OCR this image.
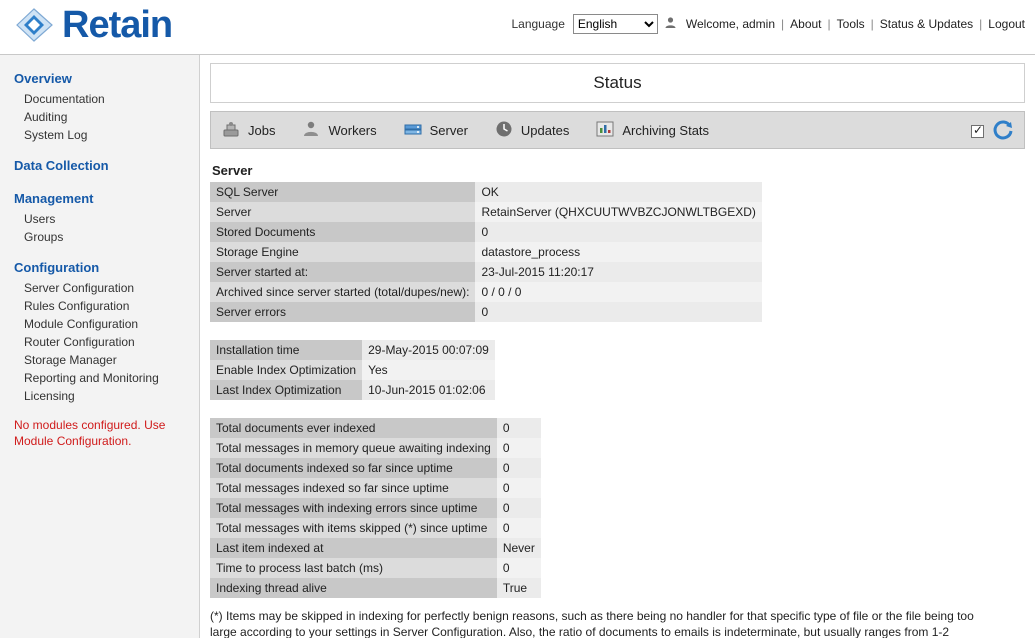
Retain	Language
English	Welcome, admin | About | Tools | Status & Updates | Logout
Overview
Documentation
Auditing
System Log
Data Collection
Management
Users
Groups
Configuration
Server Configuration
Rules Configuration
Module Configuration
Router Configuration
Storage Manager
Reporting and Monitoring
Licensing
No modules configured. Use Module Configuration.
Status
Jobs	Workers	Server	Updates	Archiving Stats
✓
Server
SQL Server	OK
Server	RetainServer (QHXCUUTWVBZCJONWLTBGEXD)
Stored Documents	0
Storage Engine	datastore_process
Server started at:	23-Jul-2015 11:20:17
Archived since server started (total/dupes/new):	0 / 0 / 0
Server errors	0
Installation time	29-May-2015 00:07:09
Enable Index Optimization	Yes
Last Index Optimization	10-Jun-2015 01:02:06
Total documents ever indexed	0
Total messages in memory queue awaiting indexing	0
Total documents indexed so far since uptime	0
Total messages indexed so far since uptime	0
Total messages with indexing errors since uptime	0
Total messages with items skipped (*) since uptime	0
Last item indexed at	Never
Time to process last batch (ms)	0
Indexing thread alive	True
(*) Items may be skipped in indexing for perfectly benign reasons, such as there being no handler for that specific type of file or the file being too large according to your settings in Server Configuration. Also, the ratio of documents to emails is indeterminate, but usually ranges from 1-2
